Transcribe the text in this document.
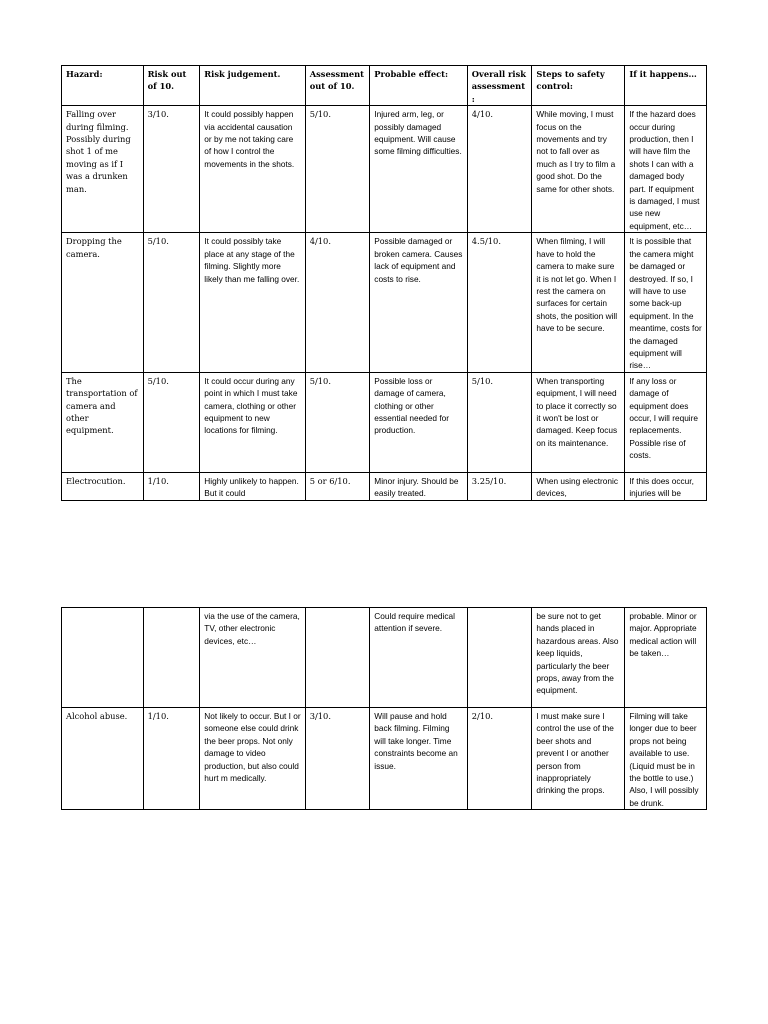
Hazard:	Risk out of 10.	Risk judgement.	Assessment out of 10.	Probable effect:	Overall risk assessment:	Steps to safety control:	If it happens…
Falling over during filming. Possibly during shot 1 of me moving as if I was a drunken man.	3/10.	It could possibly happen via accidental causation or by me not taking care of how I control the movements in the shots.	5/10.	Injured arm, leg, or possibly damaged equipment. Will cause some filming difficulties.	4/10.	While moving, I must focus on the movements and try not to fall over as much as I try to film a good shot. Do the same for other shots.	If the hazard does occur during production, then I will have film the shots I can with a damaged body part. If equipment is damaged, I must use new equipment, etc…
Dropping the camera.	5/10.	It could possibly take place at any stage of the filming. Slightly more likely than me falling over.	4/10.	Possible damaged or broken camera. Causes lack of equipment and costs to rise.	4.5/10.	When filming, I will have to hold the camera to make sure it is not let go. When I rest the camera on surfaces for certain shots, the position will have to be secure.	It is possible that the camera might be damaged or destroyed. If so, I will have to use some back-up equipment. In the meantime, costs for the damaged equipment will rise…
The transportation of camera and other equipment.	5/10.	It could occur during any point in which I must take camera, clothing or other equipment to new locations for filming.	5/10.	Possible loss or damage of camera, clothing or other essential needed for production.	5/10.	When transporting equipment, I will need to place it correctly so it won't be lost or damaged. Keep focus on its maintenance.	If any loss or damage of equipment does occur, I will require replacements. Possible rise of costs.
Electrocution.	1/10.	Highly unlikely to happen. But it could	5 or 6/10.	Minor injury. Should be easily treated.	3.25/10.	When using electronic devices,	If this does occur, injuries will be
		via the use of the camera, TV, other electronic devices, etc…		Could require medical attention if severe.		be sure not to get hands placed in hazardous areas. Also keep liquids, particularly the beer props, away from the equipment.	probable. Minor or major. Appropriate medical action will be taken…
Alcohol abuse.	1/10.	Not likely to occur. But I or someone else could drink the beer props. Not only damage to video production, but also could hurt m medically.	3/10.	Will pause and hold back filming. Filming will take longer. Time constraints become an issue.	2/10.	I must make sure I control the use of the beer shots and prevent I or another person from inappropriately drinking the props.	Filming will take longer due to beer props not being available to use. (Liquid must be in the bottle to use.) Also, I will possibly be drunk.
